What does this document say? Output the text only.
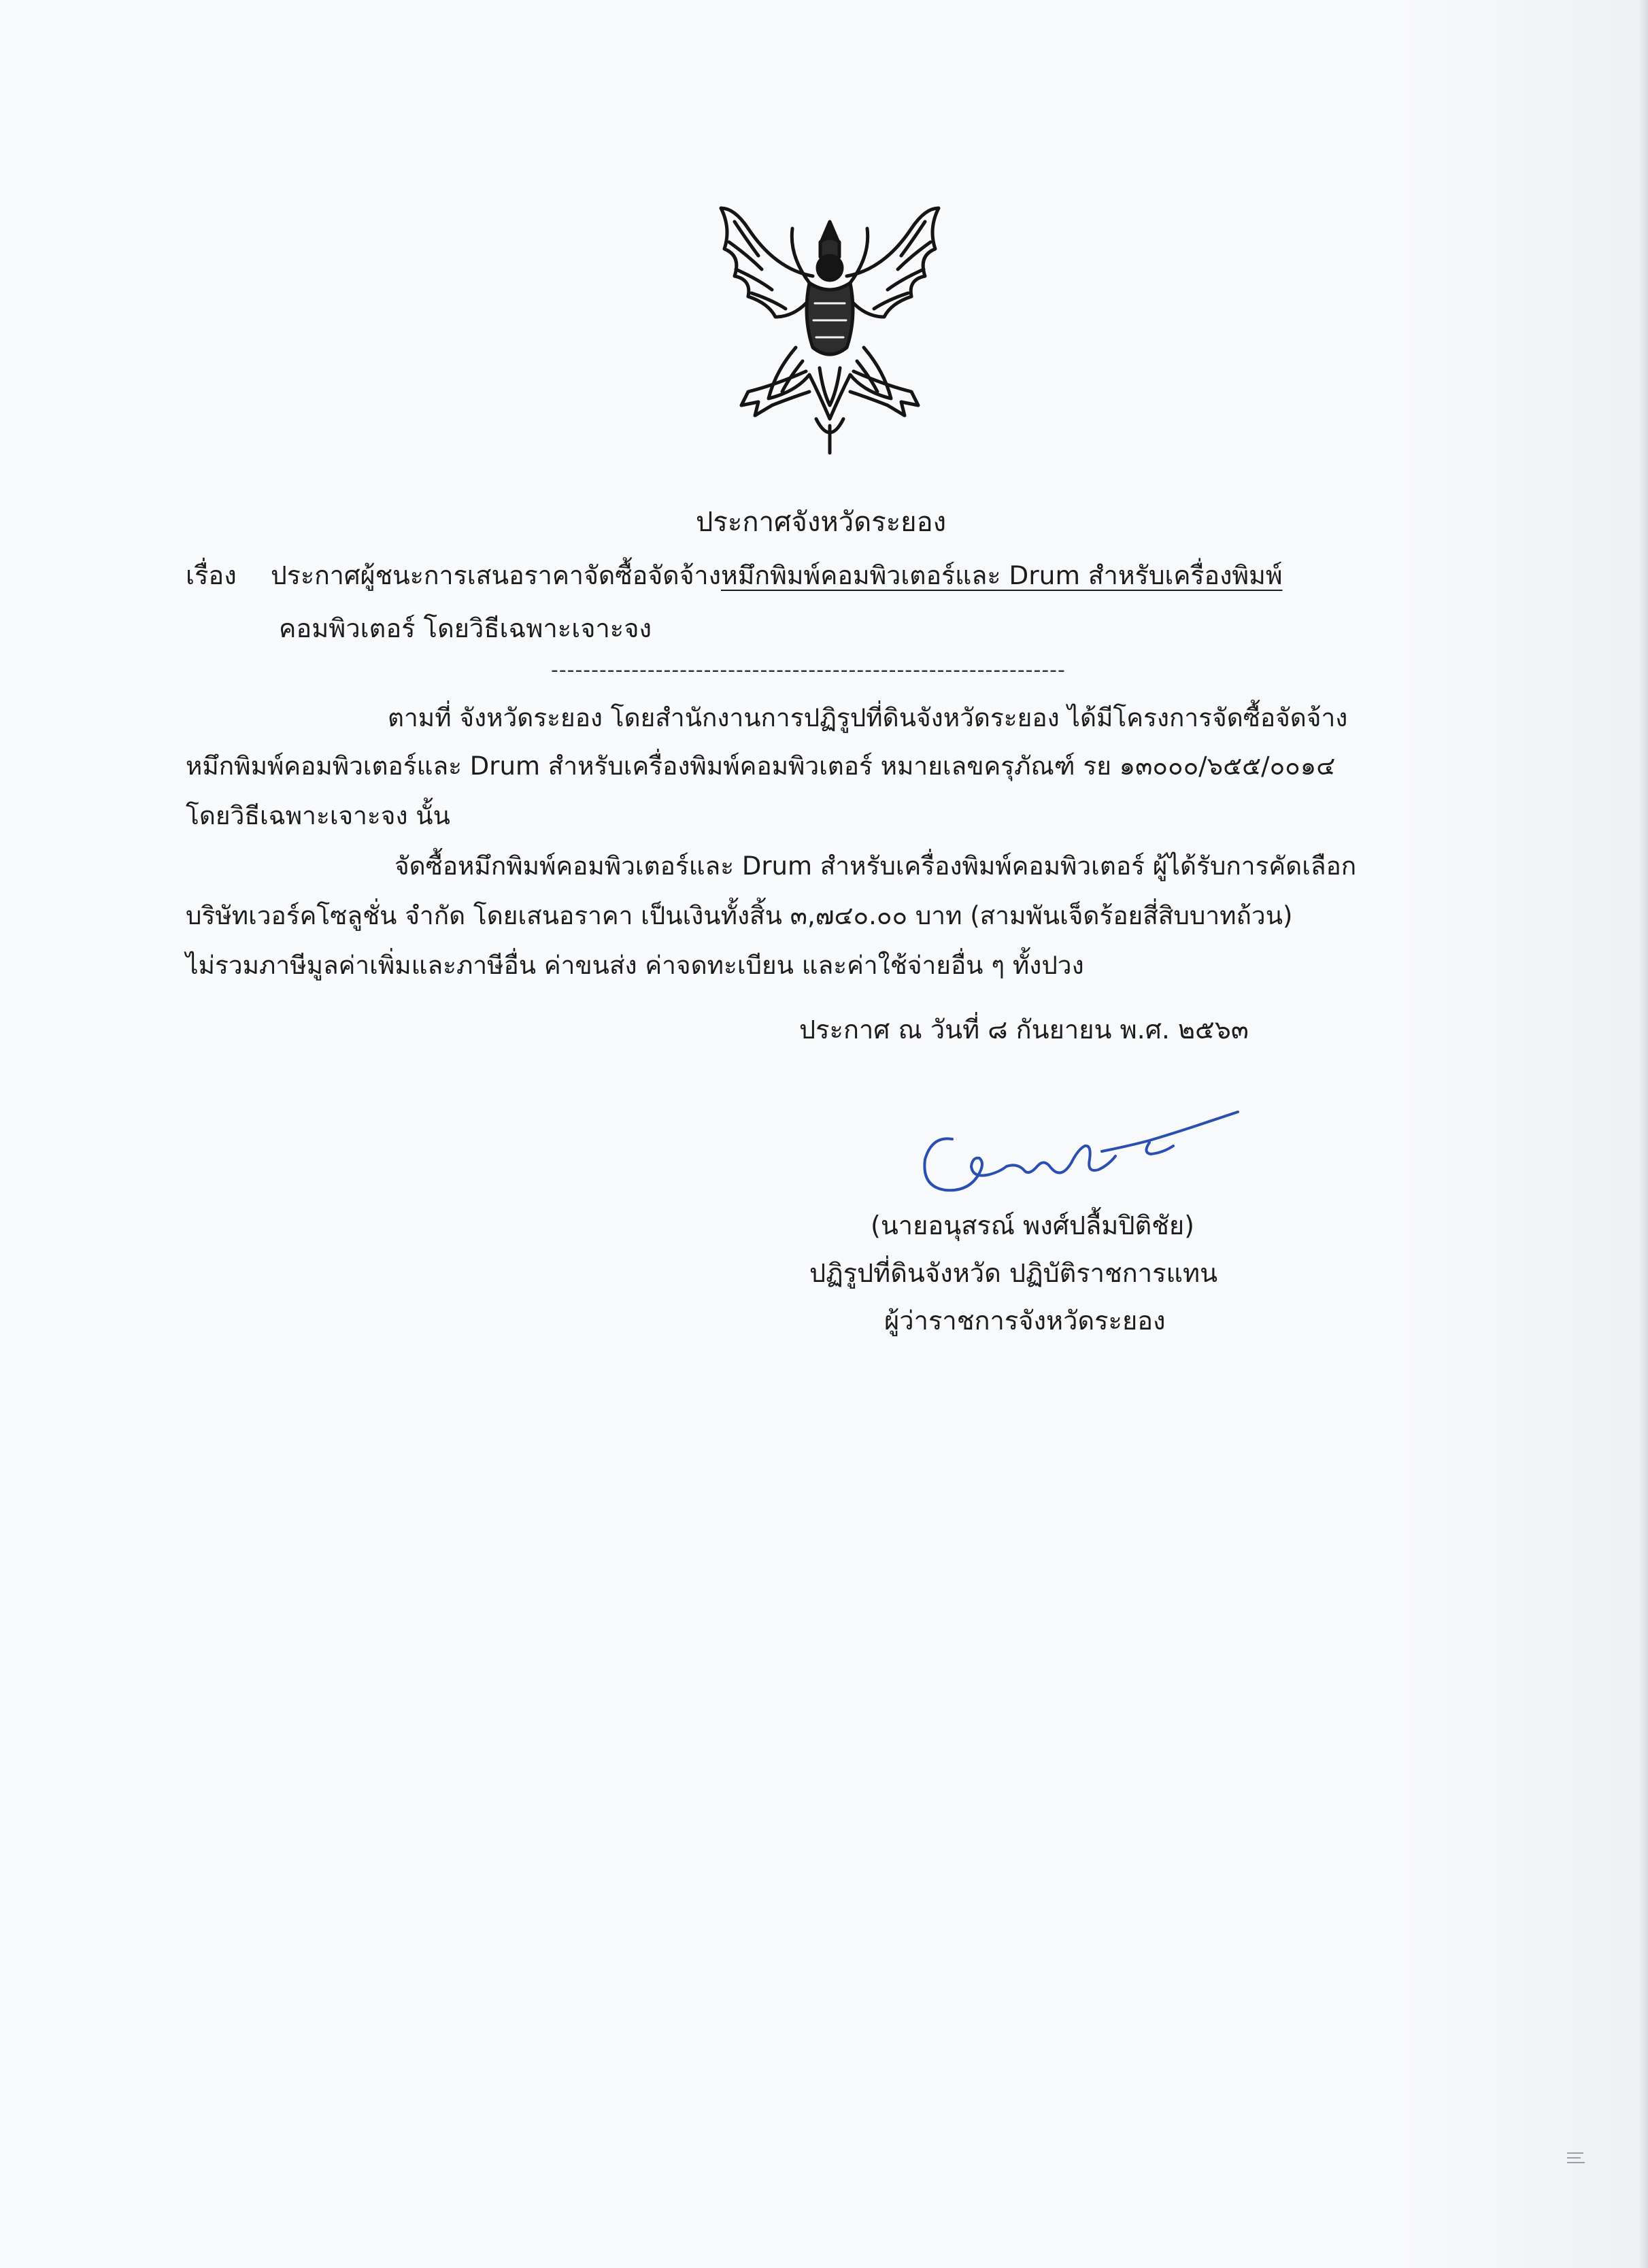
ประกาศจังหวัดระยอง
เรื่อง ประกาศผู้ชนะการเสนอราคาจัดซื้อจัดจ้างหมึกพิมพ์คอมพิวเตอร์และ Drum สำหรับเครื่องพิมพ์
คอมพิวเตอร์ โดยวิธีเฉพาะเจาะจง
----------------------------------------------------------------
ตามที่ จังหวัดระยอง โดยสำนักงานการปฏิรูปที่ดินจังหวัดระยอง ได้มีโครงการจัดซื้อจัดจ้าง
หมึกพิมพ์คอมพิวเตอร์และ Drum สำหรับเครื่องพิมพ์คอมพิวเตอร์ หมายเลขครุภัณฑ์ รย ๑๓๐๐๐/๖๕๕/๐๐๑๔
โดยวิธีเฉพาะเจาะจง นั้น
จัดซื้อหมึกพิมพ์คอมพิวเตอร์และ Drum สำหรับเครื่องพิมพ์คอมพิวเตอร์ ผู้ได้รับการคัดเลือก
บริษัทเวอร์คโซลูชั่น จำกัด โดยเสนอราคา เป็นเงินทั้งสิ้น ๓,๗๔๐.๐๐ บาท (สามพันเจ็ดร้อยสี่สิบบาทถ้วน)
ไม่รวมภาษีมูลค่าเพิ่มและภาษีอื่น ค่าขนส่ง ค่าจดทะเบียน และค่าใช้จ่ายอื่น ๆ ทั้งปวง
ประกาศ ณ วันที่ ๘ กันยายน พ.ศ. ๒๕๖๓
(นายอนุสรณ์ พงศ์ปลื้มปิติชัย)
ปฏิรูปที่ดินจังหวัด ปฏิบัติราชการแทน
ผู้ว่าราชการจังหวัดระยอง
